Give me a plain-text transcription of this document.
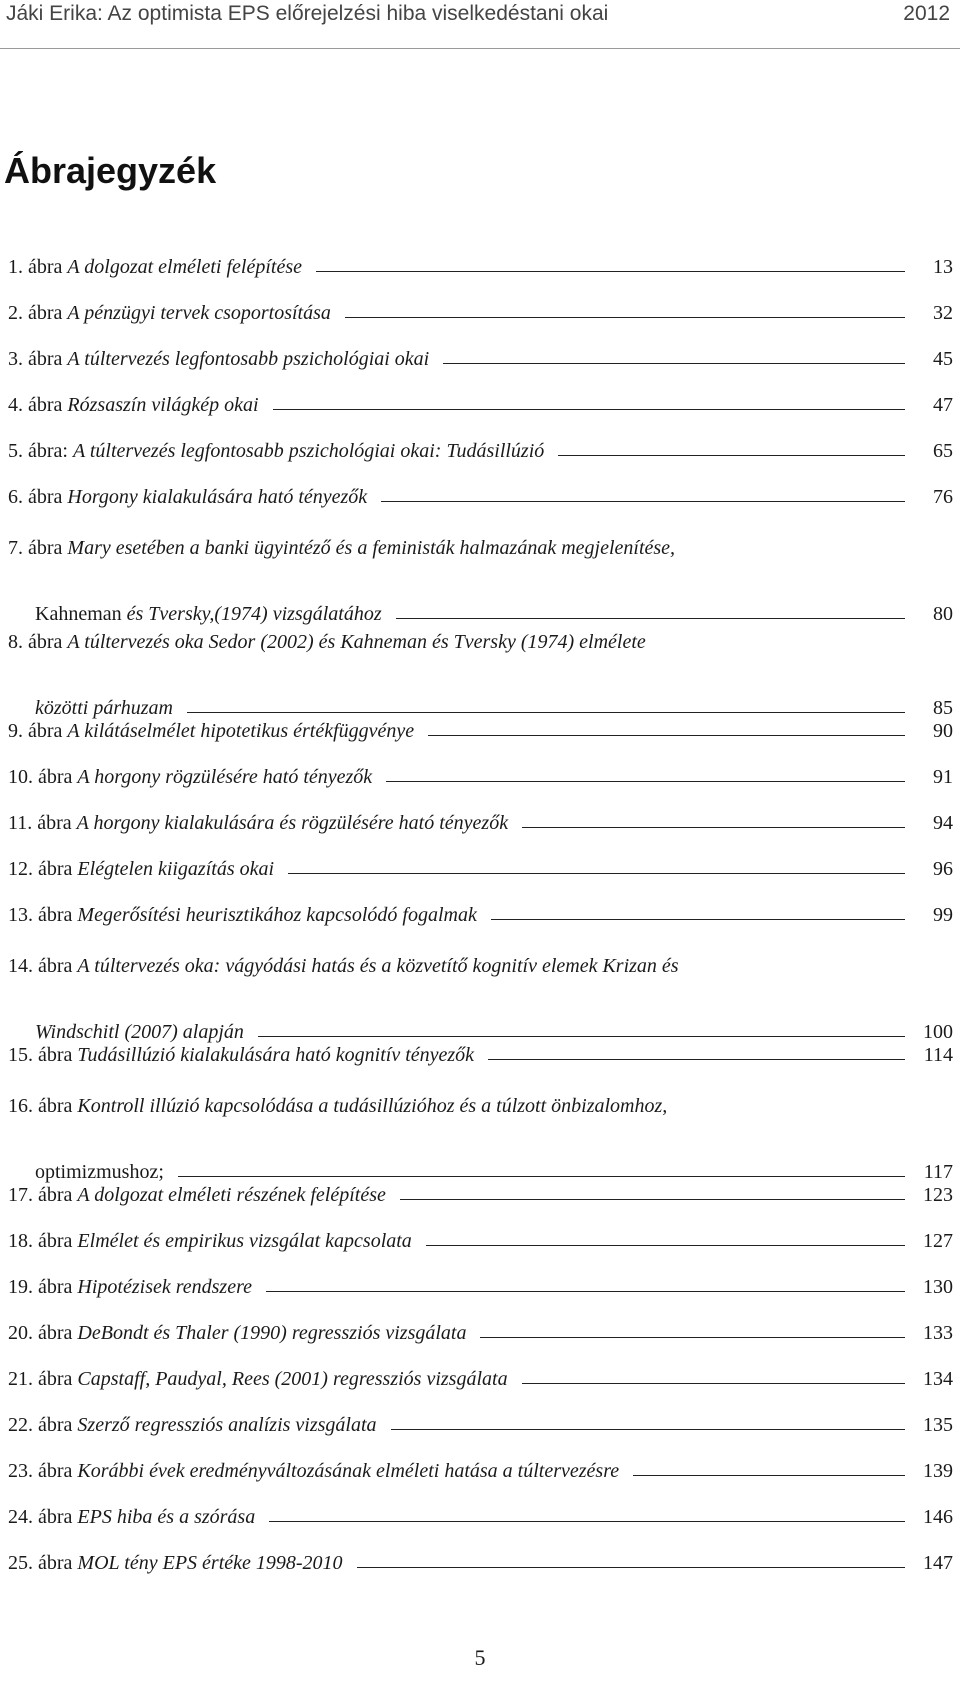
Jáki Erika: Az optimista EPS előrejelzési hiba viselkedéstani okai	2012
Ábrajegyzék
1. ábra A dolgozat elméleti felépítése	13
2. ábra A pénzügyi tervek csoportosítása	32
3. ábra A túltervezés legfontosabb pszichológiai okai	45
4. ábra Rózsaszín világkép okai	47
5. ábra: A túltervezés legfontosabb pszichológiai okai: Tudásillúzió	65
6. ábra Horgony kialakulására ható tényezők	76
7. ábra Mary esetében a banki ügyintéző és a feministák halmazának megjelenítése,
Kahneman és Tversky,(1974) vizsgálatához	80
8. ábra A túltervezés oka Sedor (2002) és Kahneman és Tversky (1974) elmélete
közötti párhuzam	85
9. ábra A kilátáselmélet hipotetikus értékfüggvénye	90
10. ábra A horgony rögzülésére ható tényezők	91
11. ábra A horgony kialakulására és rögzülésére ható tényezők	94
12. ábra Elégtelen kiigazítás okai	96
13. ábra Megerősítési heurisztikához kapcsolódó fogalmak	99
14. ábra A túltervezés oka: vágyódási hatás és a közvetítő kognitív elemek Krizan és
Windschitl (2007) alapján	100
15. ábra Tudásillúzió kialakulására ható kognitív tényezők	114
16. ábra Kontroll illúzió kapcsolódása a tudásillúzióhoz és a túlzott önbizalomhoz,
optimizmushoz;	117
17. ábra A dolgozat elméleti részének felépítése	123
18. ábra Elmélet és empirikus vizsgálat kapcsolata	127
19. ábra Hipotézisek rendszere	130
20. ábra DeBondt és Thaler (1990) regressziós vizsgálata	133
21. ábra Capstaff, Paudyal, Rees (2001) regressziós vizsgálata	134
22. ábra Szerző regressziós analízis vizsgálata	135
23. ábra Korábbi évek eredményváltozásának elméleti hatása a túltervezésre	139
24. ábra EPS hiba és a szórása	146
25. ábra MOL tény EPS értéke 1998-2010	147
5
